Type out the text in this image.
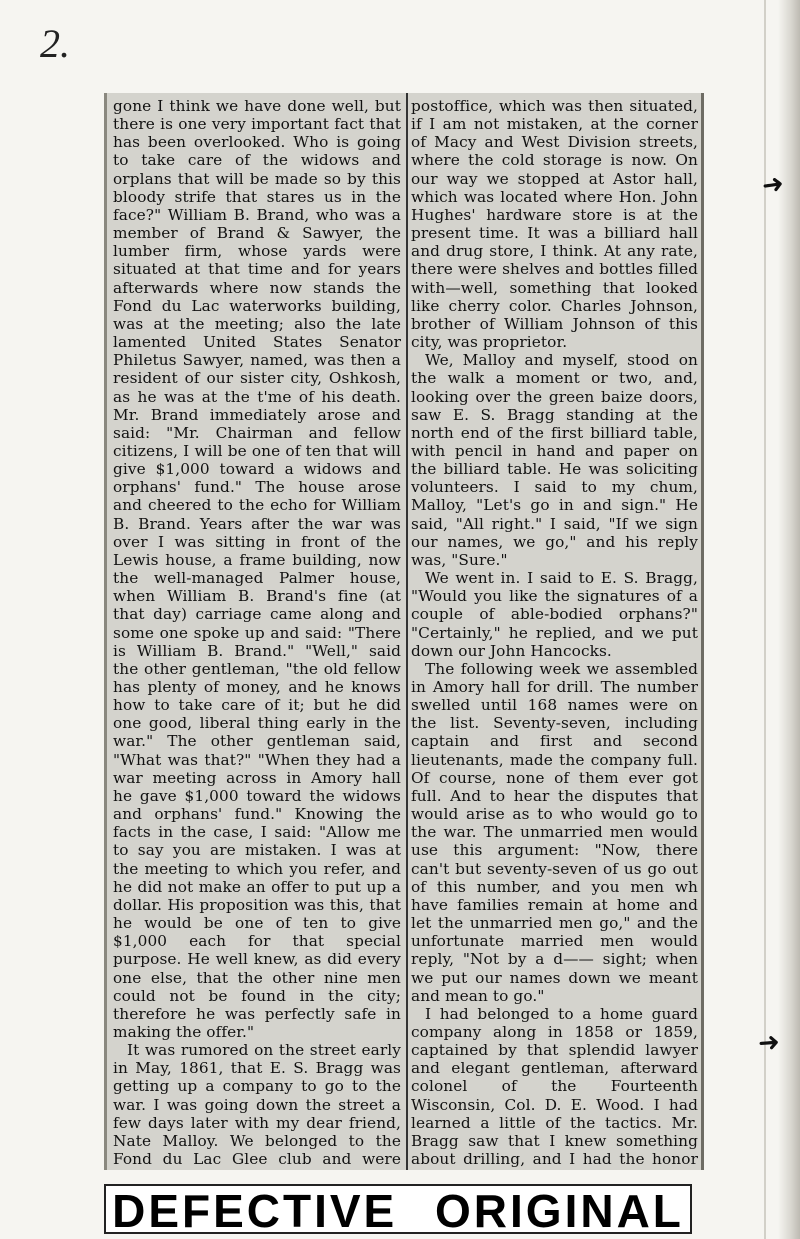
2.

gone I think we have done well, but there is one very important fact that has been overlooked. Who is going to take care of the widows and orplans that will be made so by this bloody strife that stares us in the face?" William B. Brand, who was a member of Brand & Sawyer, the lumber firm, whose yards were situated at that time and for years afterwards where now stands the Fond du Lac waterworks building, was at the meeting; also the late lamented United States Senator Philetus Sawyer, named, was then a resident of our sister city, Oshkosh, as he was at the t'me of his death. Mr. Brand immediately arose and said: "Mr. Chairman and fellow citizens, I will be one of ten that will give $1,000 toward a widows and orphans' fund." The house arose and cheered to the echo for William B. Brand. Years after the war was over I was sitting in front of the Lewis house, a frame building, now the well-managed Palmer house, when William B. Brand's fine (at that day) carriage came along and some one spoke up and said: "There is William B. Brand." "Well," said the other gentleman, "the old fellow has plenty of money, and he knows how to take care of it; but he did one good, liberal thing early in the war." The other gentleman said, "What was that?" "When they had a war meeting across in Amory hall he gave $1,000 toward the widows and orphans' fund." Knowing the facts in the case, I said: "Allow me to say you are mistaken. I was at the meeting to which you refer, and he did not make an offer to put up a dollar. His proposition was this, that he would be one of ten to give $1,000 each for that special purpose. He well knew, as did every one else, that the other nine men could not be found in the city; therefore he was perfectly safe in making the offer."

It was rumored on the street early in May, 1861, that E. S. Bragg was getting up a company to go to the war. I was going down the street a few days later with my dear friend, Nate Malloy. We belonged to the Fond du Lac Glee club and were

postoffice, which was then situated, if I am not mistaken, at the corner of Macy and West Division streets, where the cold storage is now. On our way we stopped at Astor hall, which was located where Hon. John Hughes' hardware store is at the present time. It was a billiard hall and drug store, I think. At any rate, there were shelves and bottles filled with—well, something that looked like cherry color. Charles Johnson, brother of William Johnson of this city, was proprietor.

We, Malloy and myself, stood on the walk a moment or two, and, looking over the green baize doors, saw E. S. Bragg standing at the north end of the first billiard table, with pencil in hand and paper on the billiard table. He was soliciting volunteers. I said to my chum, Malloy, "Let's go in and sign." He said, "All right." I said, "If we sign our names, we go," and his reply was, "Sure."

We went in. I said to E. S. Bragg, "Would you like the signatures of a couple of able-bodied orphans?" "Certainly," he replied, and we put down our John Hancocks.

The following week we assembled in Amory hall for drill. The number swelled until 168 names were on the list. Seventy-seven, including captain and first and second lieutenants, made the company full. Of course, none of them ever got full. And to hear the disputes that would arise as to who would go to the war. The unmarried men would use this argument: "Now, there can't but seventy-seven of us go out of this number, and you men wh have families remain at home and let the unmarried men go," and the unfortunate married men would reply, "Not by a d—— sight; when we put our names down we meant and mean to go."

I had belonged to a home guard company along in 1858 or 1859, captained by that splendid lawyer and elegant gentleman, afterward colonel of the Fourteenth Wisconsin, Col. D. E. Wood. I had learned a little of the tactics. Mr. Bragg saw that I knew something about drilling, and I had the honor

➜
➜
DEFECTIVE ORIGINAL
